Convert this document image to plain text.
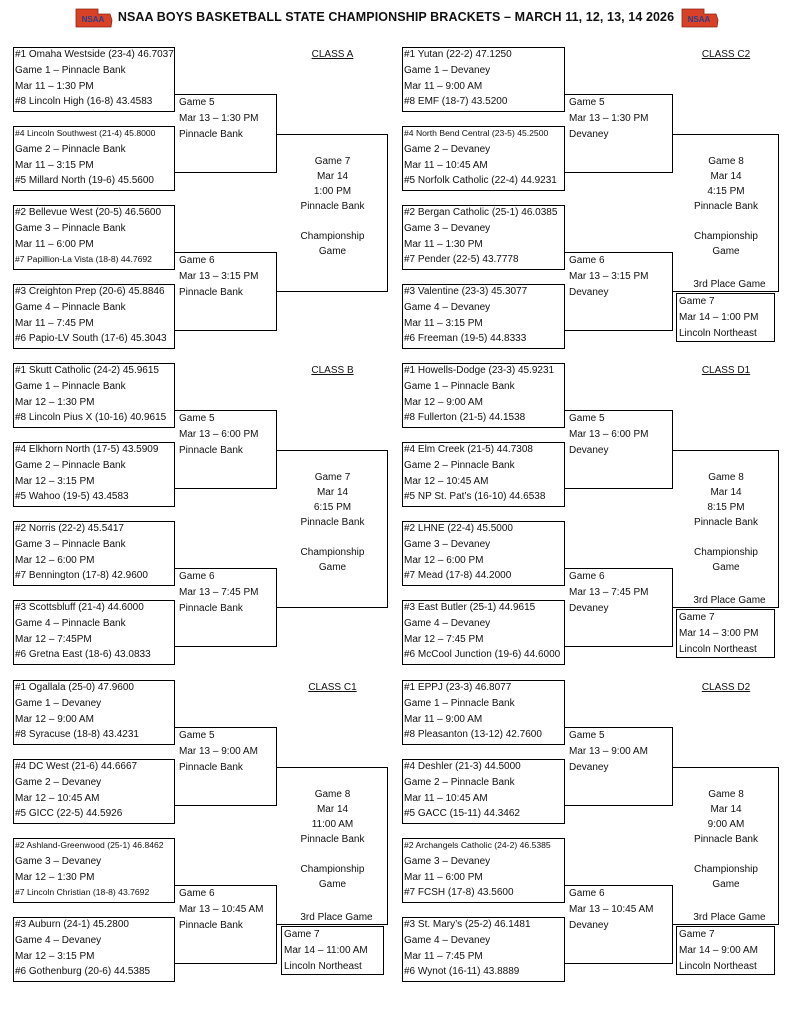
NSAA NSAA BOYS BASKETBALL STATE CHAMPIONSHIP BRACKETS – MARCH 11, 12, 13, 14 2026	NSAA
#1 Omaha Westside (23-4) 46.7037
Game 1 – Pinnacle Bank
Mar 11 – 1:30 PM
#8 Lincoln High (16-8) 43.4583
#4 Lincoln Southwest (21-4) 45.8000
Game 2 – Pinnacle Bank
Mar 11 – 3:15 PM
#5 Millard North (19-6) 45.5600
#2 Bellevue West (20-5) 46.5600
Game 3 – Pinnacle Bank
Mar 11 – 6:00 PM
#7 Papillion-La Vista (18-8) 44.7692
#3 Creighton Prep (20-6) 45.8846
Game 4 – Pinnacle Bank
Mar 11 – 7:45 PM
#6 Papio-LV South (17-6) 45.3043
Game 5
Mar 13 – 1:30 PM
Pinnacle Bank
Game 6
Mar 13 – 3:15 PM
Pinnacle Bank
Game 7
Mar 14
1:00 PM
Pinnacle Bank

Championship
Game
CLASS A
#1 Skutt Catholic (24-2) 45.9615
Game 1 – Pinnacle Bank
Mar 12 – 1:30 PM
#8 Lincoln Pius X (10-16) 40.9615
#4 Elkhorn North (17-5) 43.5909
Game 2 – Pinnacle Bank
Mar 12 – 3:15 PM
#5 Wahoo (19-5) 43.4583
#2 Norris (22-2) 45.5417
Game 3 – Pinnacle Bank
Mar 12 – 6:00 PM
#7 Bennington (17-8) 42.9600
#3 Scottsbluff (21-4) 44.6000
Game 4 – Pinnacle Bank
Mar 12 – 7:45PM
#6 Gretna East (18-6) 43.0833
Game 5
Mar 13 – 6:00 PM
Pinnacle Bank
Game 6
Mar 13 – 7:45 PM
Pinnacle Bank
Game 7
Mar 14
6:15 PM
Pinnacle Bank

Championship
Game
CLASS B
#1 Ogallala (25-0) 47.9600
Game 1 – Devaney
Mar 12 – 9:00 AM
#8 Syracuse (18-8) 43.4231
#4 DC West (21-6) 44.6667
Game 2 – Devaney
Mar 12 – 10:45 AM
#5 GICC (22-5) 44.5926
#2 Ashland-Greenwood (25-1) 46.8462
Game 3 – Devaney
Mar 12 – 1:30 PM
#7 Lincoln Christian (18-8) 43.7692
#3 Auburn (24-1) 45.2800
Game 4 – Devaney
Mar 12 – 3:15 PM
#6 Gothenburg (20-6) 44.5385
Game 5
Mar 13 – 9:00 AM
Pinnacle Bank
Game 6
Mar 13 – 10:45 AM
Pinnacle Bank
Game 8
Mar 14
11:00 AM
Pinnacle Bank

Championship
Game
CLASS C1
3rd Place Game
Game 7
Mar 14 – 11:00 AM
Lincoln Northeast
#1 Yutan (22-2) 47.1250
Game 1 – Devaney
Mar 11 – 9:00 AM
#8 EMF (18-7) 43.5200
#4 North Bend Central (23-5) 45.2500
Game 2 – Devaney
Mar 11 – 10:45 AM
#5 Norfolk Catholic (22-4) 44.9231
#2 Bergan Catholic (25-1) 46.0385
Game 3 – Devaney
Mar 11 – 1:30 PM
#7 Pender (22-5) 43.7778
#3 Valentine (23-3) 45.3077
Game 4 – Devaney
Mar 11 – 3:15 PM
#6 Freeman (19-5) 44.8333
Game 5
Mar 13 – 1:30 PM
Devaney
Game 6
Mar 13 – 3:15 PM
Devaney
Game 8
Mar 14
4:15 PM
Pinnacle Bank

Championship
Game
CLASS C2
3rd Place Game
Game 7
Mar 14 – 1:00 PM
Lincoln Northeast
#1 Howells-Dodge (23-3) 45.9231
Game 1 – Pinnacle Bank
Mar 12 – 9:00 AM
#8 Fullerton (21-5) 44.1538
#4 Elm Creek (21-5) 44.7308
Game 2 – Pinnacle Bank
Mar 12 – 10:45 AM
#5 NP St. Pat’s (16-10) 44.6538
#2 LHNE (22-4) 45.5000
Game 3 – Devaney
Mar 12 – 6:00 PM
#7 Mead (17-8) 44.2000
#3 East Butler (25-1) 44.9615
Game 4 – Devaney
Mar 12 – 7:45 PM
#6 McCool Junction (19-6) 44.6000
Game 5
Mar 13 – 6:00 PM
Devaney
Game 6
Mar 13 – 7:45 PM
Devaney
Game 8
Mar 14
8:15 PM
Pinnacle Bank

Championship
Game
CLASS D1
3rd Place Game
Game 7
Mar 14 – 3:00 PM
Lincoln Northeast
#1 EPPJ (23-3) 46.8077
Game 1 – Pinnacle Bank
Mar 11 – 9:00 AM
#8 Pleasanton (13-12) 42.7600
#4 Deshler (21-3) 44.5000
Game 2 – Pinnacle Bank
Mar 11 – 10:45 AM
#5 GACC (15-11) 44.3462
#2 Archangels Catholic (24-2) 46.5385
Game 3 – Devaney
Mar 11 – 6:00 PM
#7 FCSH (17-8) 43.5600
#3 St. Mary’s (25-2) 46.1481
Game 4 – Devaney
Mar 11 – 7:45 PM
#6 Wynot (16-11) 43.8889
Game 5
Mar 13 – 9:00 AM
Devaney
Game 6
Mar 13 – 10:45 AM
Devaney
Game 8
Mar 14
9:00 AM
Pinnacle Bank

Championship
Game
CLASS D2
3rd Place Game
Game 7
Mar 14 – 9:00 AM
Lincoln Northeast
